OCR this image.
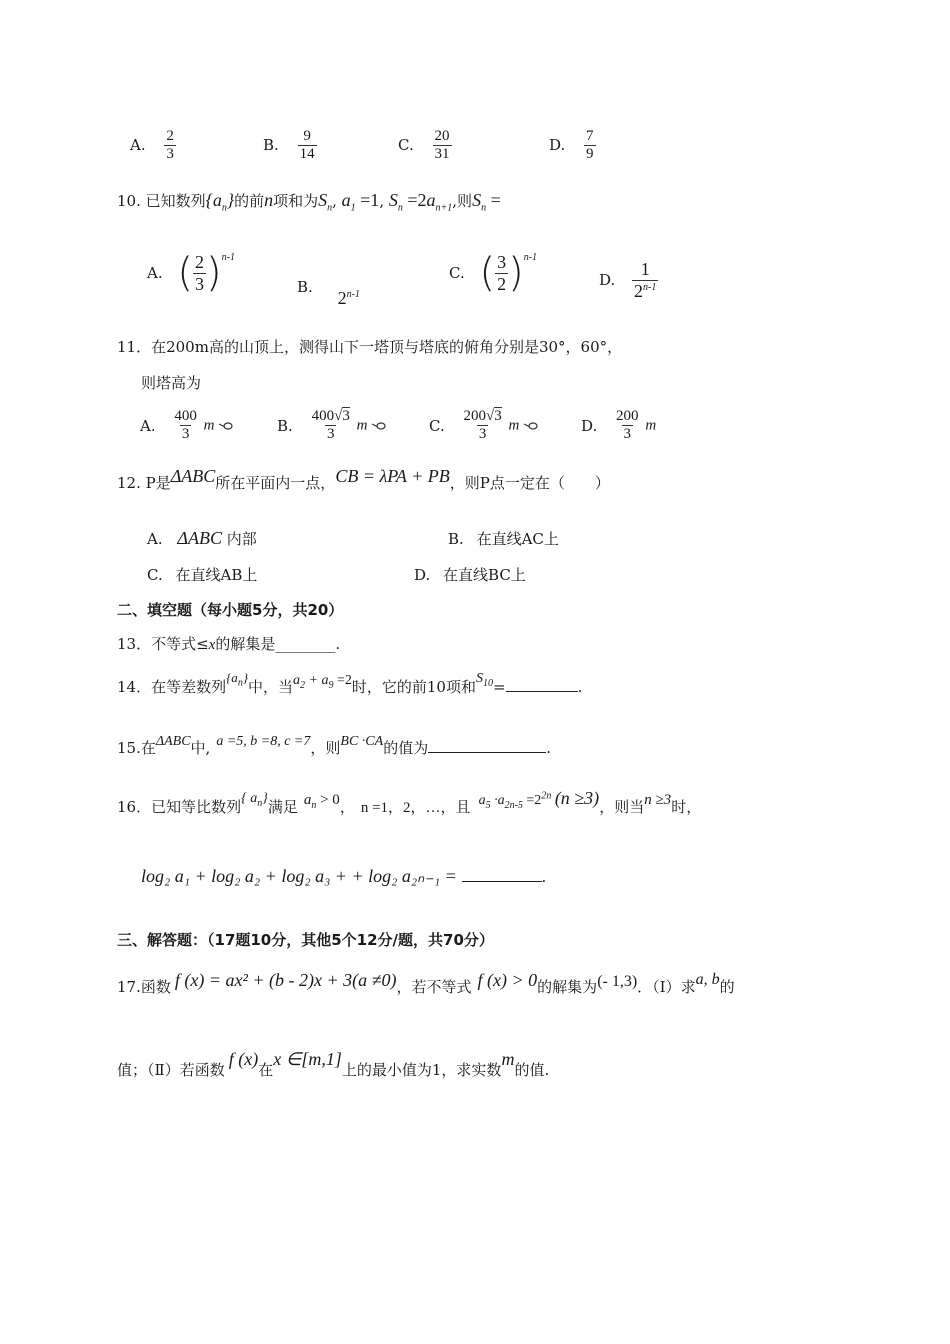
A. $\frac{2}{3}$	B. $\frac{9}{14}$	C. $\frac{20}{31}$	D. $\frac{7}{9}$
10. 已知数列$\{a_n\}$的前n项和为$S_n$, $a_1 =1$, $S_n =2a_{n+1}$,则$S_n$ =
A. ( $\frac{2}{3} )^{n-1}$
B. 2$^{n-1}$
C. ( $\frac{3}{2} )^{n-1}$
D. $\frac{1}{2^{n-1}}$
11．在200m高的山顶上，测得山下一塔顶与塔底的俯角分别是30°，60°，
则塔高为
A. $\frac{400}{3}$ m	B. $\frac{400√3}{3}$ m	C. $\frac{200√3}{3}$ m	D. $\frac{200}{3}$ m
12. P是ΔABC所在平面内一点，CB = λPA + PB，则P点一定在（　　）
A. ΔABC 内部	B. 在直线AC上
C. 在直线AB上	D. 在直线BC上
二、填空题（每小题5分，共20）
13．不等式≤x的解集是________.
14．在等差数列$\{a_n\}$中，当$a_2 + a_9 =2$时，它的前10项和$S_{10}=$	.
15.在ΔABC中, a =5, b =8, c =7，则BC ·CA的值为	.
16．已知等比数列{ $a_n$}满足 $a_n > 0$， n =1，2，…，且 $a_5 \cdot a_{2n-5} =2^{2n}$ (n ≥3)，则当n ≥3时，
log₂ a₁ + log₂ a₂ + log₂ a₃ + + log₂ a₂ₙ₋₁ =	.
三、解答题：（17题10分，其他5个12分/题，共70分）
17.函数 f (x) = ax² + (b - 2)x + 3(a ≠0)，若不等式 f (x) > 0的解集为(- 1,3)．（Ⅰ）求a, b的
值；（Ⅱ）若函数f (x)在x ∈[m,1]上的最小值为1，求实数m的值.
